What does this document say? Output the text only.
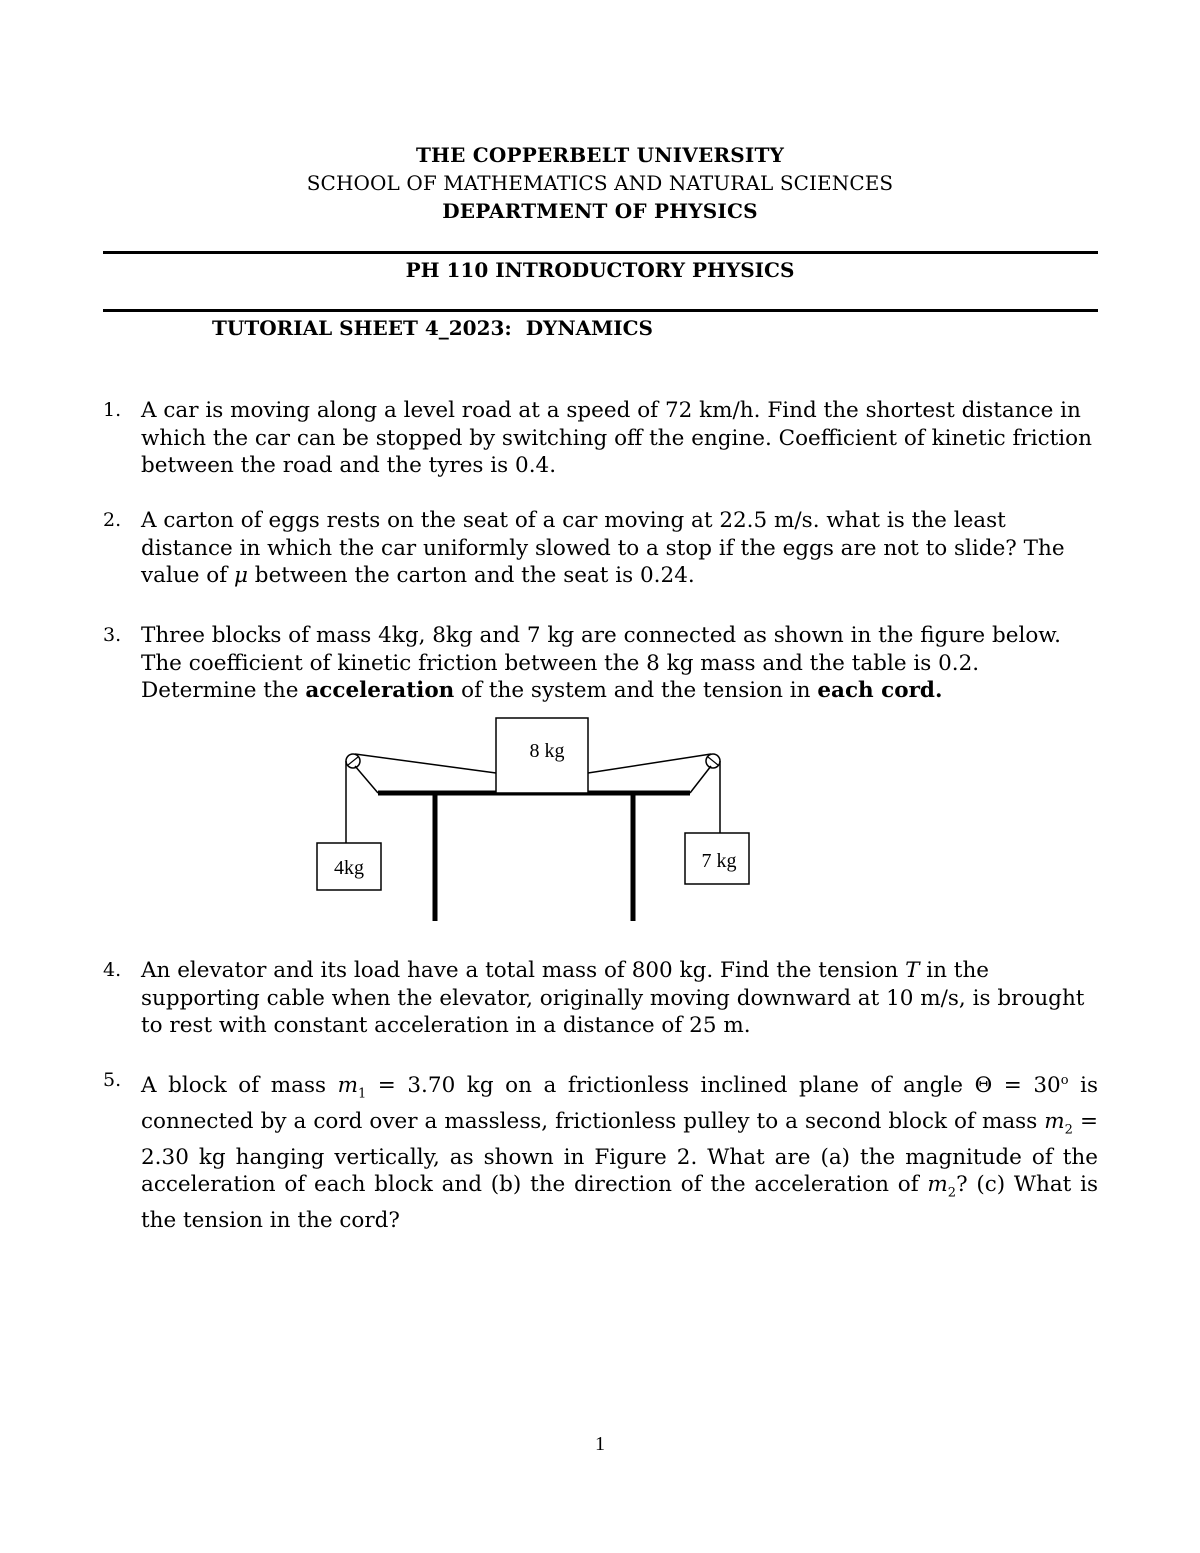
THE COPPERBELT UNIVERSITY
SCHOOL OF MATHEMATICS AND NATURAL SCIENCES
DEPARTMENT OF PHYSICS
PH 110 INTRODUCTORY PHYSICS
TUTORIAL SHEET 4_2023:  DYNAMICS
1. A car is moving along a level road at a speed of 72 km/h. Find the shortest distance in which the car can be stopped by switching off the engine. Coefficient of kinetic friction between the road and the tyres is 0.4.
2. A carton of eggs rests on the seat of a car moving at 22.5 m/s. what is the least distance in which the car uniformly slowed to a stop if the eggs are not to slide? The value of μ between the carton and the seat is 0.24.
3. Three blocks of mass 4kg, 8kg and 7 kg are connected as shown in the figure below. The coefficient of kinetic friction between the 8 kg mass and the table is 0.2. Determine the acceleration of the system and the tension in each cord.
8 kg
4kg	7 kg
4. An elevator and its load have a total mass of 800 kg. Find the tension T in the supporting cable when the elevator, originally moving downward at 10 m/s, is brought to rest with constant acceleration in a distance of 25 m.
5. A block of mass $m_1 = 3.70$ kg on a frictionless inclined plane of angle $\Theta = 30^o$ is connected by a cord over a massless, frictionless pulley to a second block of mass $m_2 = 2.30$ kg hanging vertically, as shown in Figure 2. What are (a) the magnitude of the acceleration of each block and (b) the direction of the acceleration of $m_2$? (c) What is the tension in the cord?
1
